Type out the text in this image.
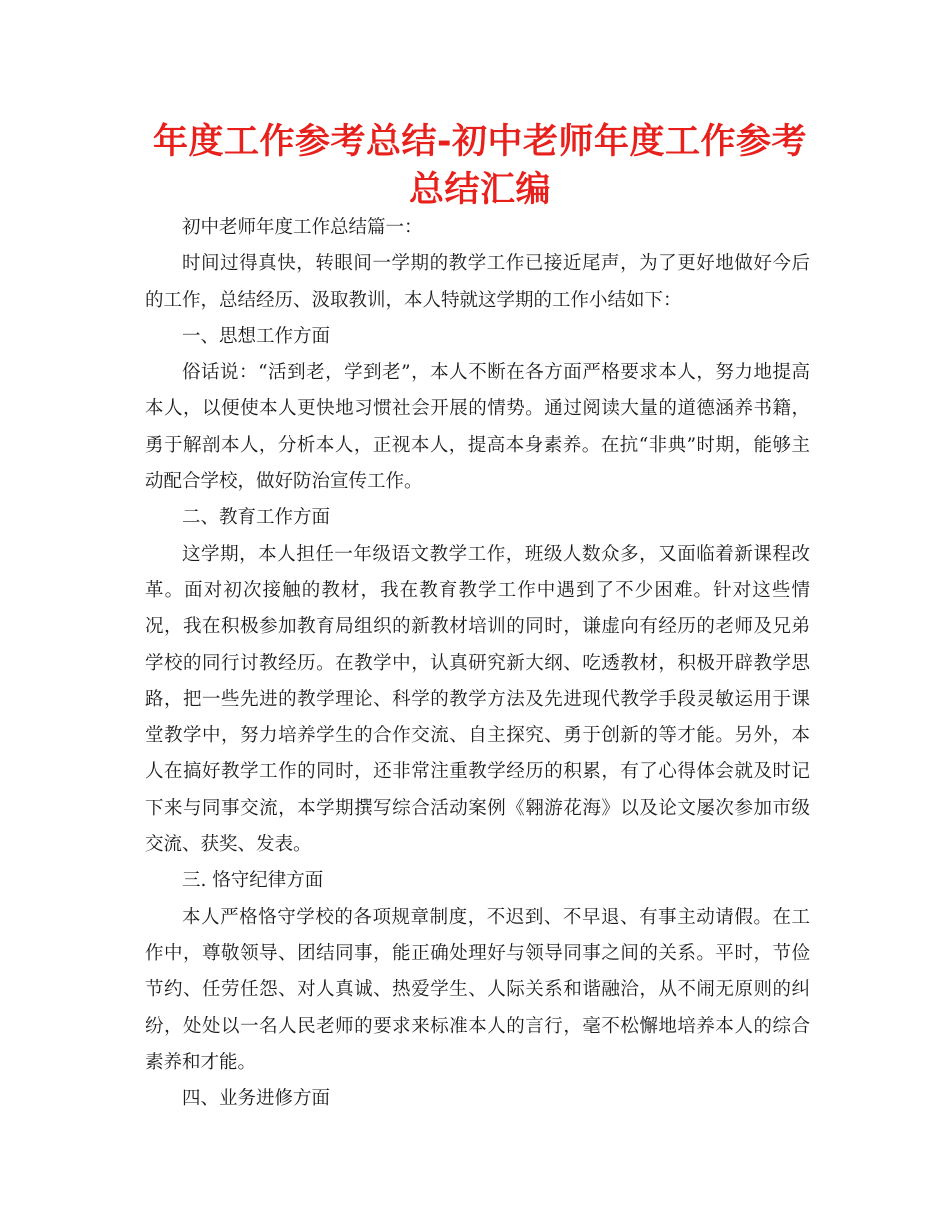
年度工作参考总结-初中老师年度工作参考总结汇编

初中老师年度工作总结篇一：

时间过得真快，转眼间一学期的教学工作已接近尾声，为了更好地做好今后的工作，总结经历、汲取教训，本人特就这学期的工作小结如下：

一、思想工作方面

俗话说：“活到老，学到老”，本人不断在各方面严格要求本人，努力地提高本人，以便使本人更快地习惯社会开展的情势。通过阅读大量的道德涵养书籍，勇于解剖本人，分析本人，正视本人，提高本身素养。在抗“非典”时期，能够主动配合学校，做好防治宣传工作。

二、教育工作方面

这学期，本人担任一年级语文教学工作，班级人数众多，又面临着新课程改革。面对初次接触的教材，我在教育教学工作中遇到了不少困难。针对这些情况，我在积极参加教育局组织的新教材培训的同时，谦虚向有经历的老师及兄弟学校的同行讨教经历。在教学中，认真研究新大纲、吃透教材，积极开辟教学思路，把一些先进的教学理论、科学的教学方法及先进现代教学手段灵敏运用于课堂教学中，努力培养学生的合作交流、自主探究、勇于创新的等才能。另外，本人在搞好教学工作的同时，还非常注重教学经历的积累，有了心得体会就及时记下来与同事交流，本学期撰写综合活动案例《翱游花海》以及论文屡次参加市级交流、获奖、发表。

三. 恪守纪律方面

本人严格恪守学校的各项规章制度，不迟到、不早退、有事主动请假。在工作中，尊敬领导、团结同事，能正确处理好与领导同事之间的关系。平时，节俭节约、任劳任怨、对人真诚、热爱学生、人际关系和谐融洽，从不闹无原则的纠纷，处处以一名人民老师的要求来标准本人的言行，毫不松懈地培养本人的综合素养和才能。

四、业务进修方面
